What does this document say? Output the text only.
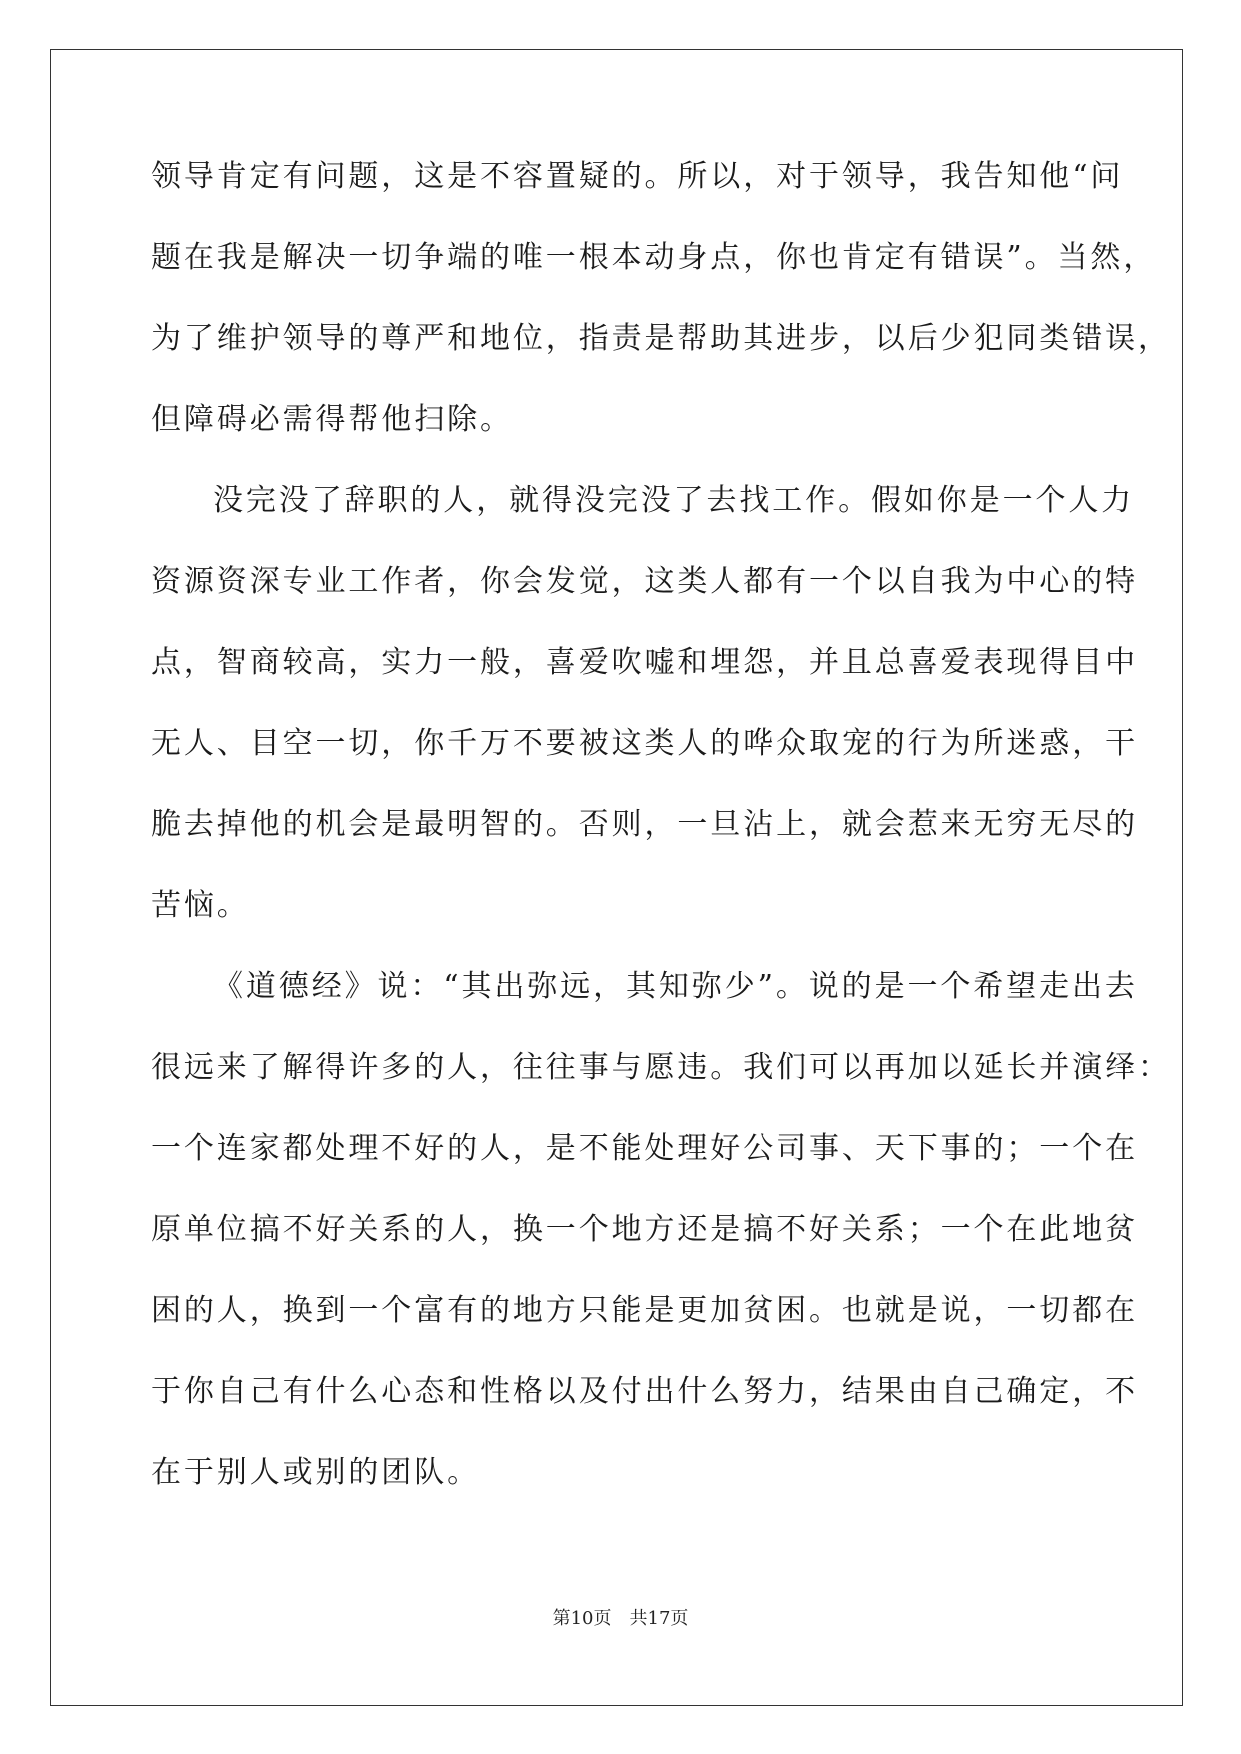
领导肯定有问题，这是不容置疑的。所以，对于领导，我告知他“问
题在我是解决一切争端的唯一根本动身点，你也肯定有错误”。当然，
为了维护领导的尊严和地位，指责是帮助其进步，以后少犯同类错误，
但障碍必需得帮他扫除。
没完没了辞职的人，就得没完没了去找工作。假如你是一个人力
资源资深专业工作者，你会发觉，这类人都有一个以自我为中心的特
点，智商较高，实力一般，喜爱吹嘘和埋怨，并且总喜爱表现得目中
无人、目空一切，你千万不要被这类人的哗众取宠的行为所迷惑，干
脆去掉他的机会是最明智的。否则，一旦沾上，就会惹来无穷无尽的
苦恼。
《道德经》说：“其出弥远，其知弥少”。说的是一个希望走出去
很远来了解得许多的人，往往事与愿违。我们可以再加以延长并演绎：
一个连家都处理不好的人，是不能处理好公司事、天下事的；一个在
原单位搞不好关系的人，换一个地方还是搞不好关系；一个在此地贫
困的人，换到一个富有的地方只能是更加贫困。也就是说，一切都在
于你自己有什么心态和性格以及付出什么努力，结果由自己确定，不
在于别人或别的团队。
第10页 共17页
